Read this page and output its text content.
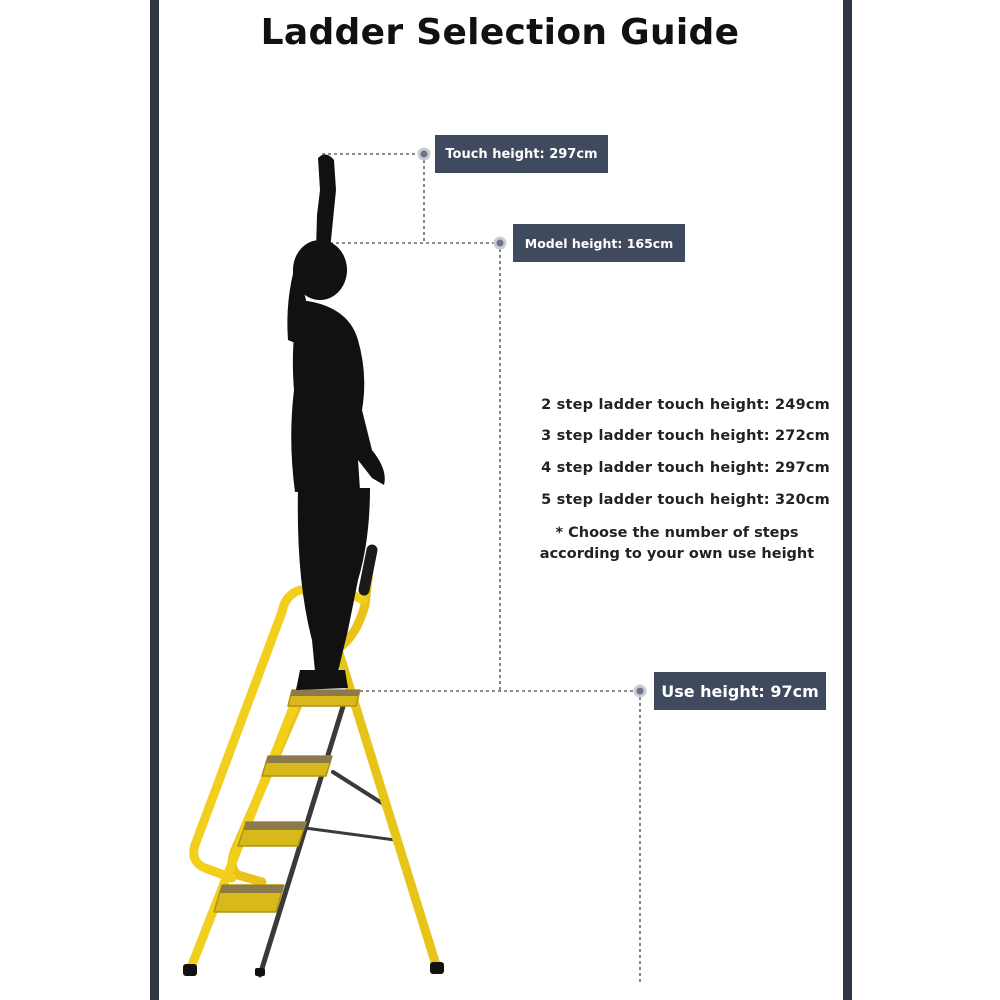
Ladder Selection Guide
Touch height: 297cm
Model height: 165cm
Use height: 97cm
2 step ladder touch height: 249cm
3 step ladder touch height: 272cm
4 step ladder touch height: 297cm
5 step ladder touch height: 320cm
* Choose the number of steps
according to your own use height
